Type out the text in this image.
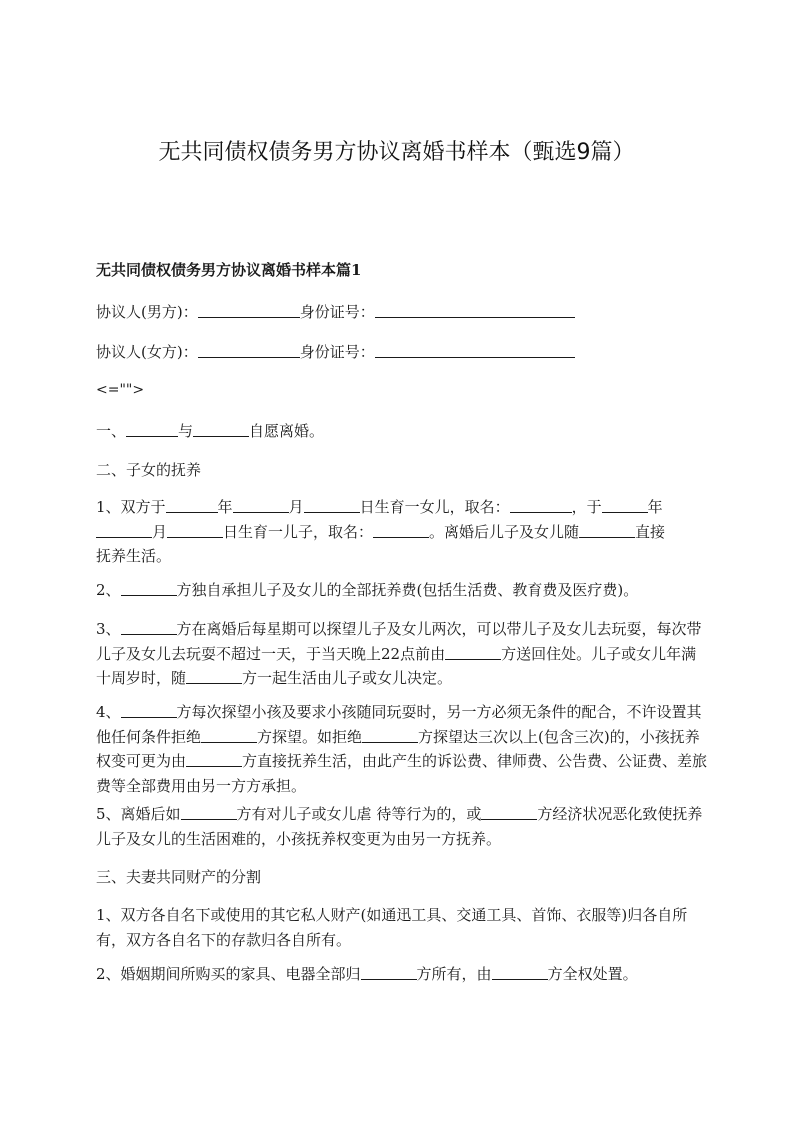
无共同债权债务男方协议离婚书样本（甄选9篇）
无共同债权债务男方协议离婚书样本篇1
协议人(男方)：	身份证号：
协议人(女方)：	身份证号：
<="">
一、	与	自愿离婚。
二、子女的抚养
1、双方于	年	月	日生育一女儿，取名：	，于	年
月	日生育一儿子，取名：	。离婚后儿子及女儿随	直接
抚养生活。
2、	方独自承担儿子及女儿的全部抚养费(包括生活费、教育费及医疗费)。
3、	方在离婚后每星期可以探望儿子及女儿两次，可以带儿子及女儿去玩耍，每次带儿子及女儿去玩耍不超过一天，于当天晚上22点前由	方送回住处。儿子或女儿年满十周岁时，随	方一起生活由儿子或女儿决定。
4、	方每次探望小孩及要求小孩随同玩耍时，另一方必须无条件的配合，不许设置其他任何条件拒绝	方探望。如拒绝	方探望达三次以上(包含三次)的，小孩抚养权变可更为由	方直接抚养生活，由此产生的诉讼费、律师费、公告费、公证费、差旅费等全部费用由另一方方承担。
5、离婚后如	方有对儿子或女儿虐 待等行为的，或	方经济状况恶化致使抚养儿子及女儿的生活困难的，小孩抚养权变更为由另一方抚养。
三、夫妻共同财产的分割
1、双方各自名下或使用的其它私人财产(如通迅工具、交通工具、首饰、衣服等)归各自所有，双方各自名下的存款归各自所有。
2、婚姻期间所购买的家具、电器全部归	方所有，由	方全权处置。
